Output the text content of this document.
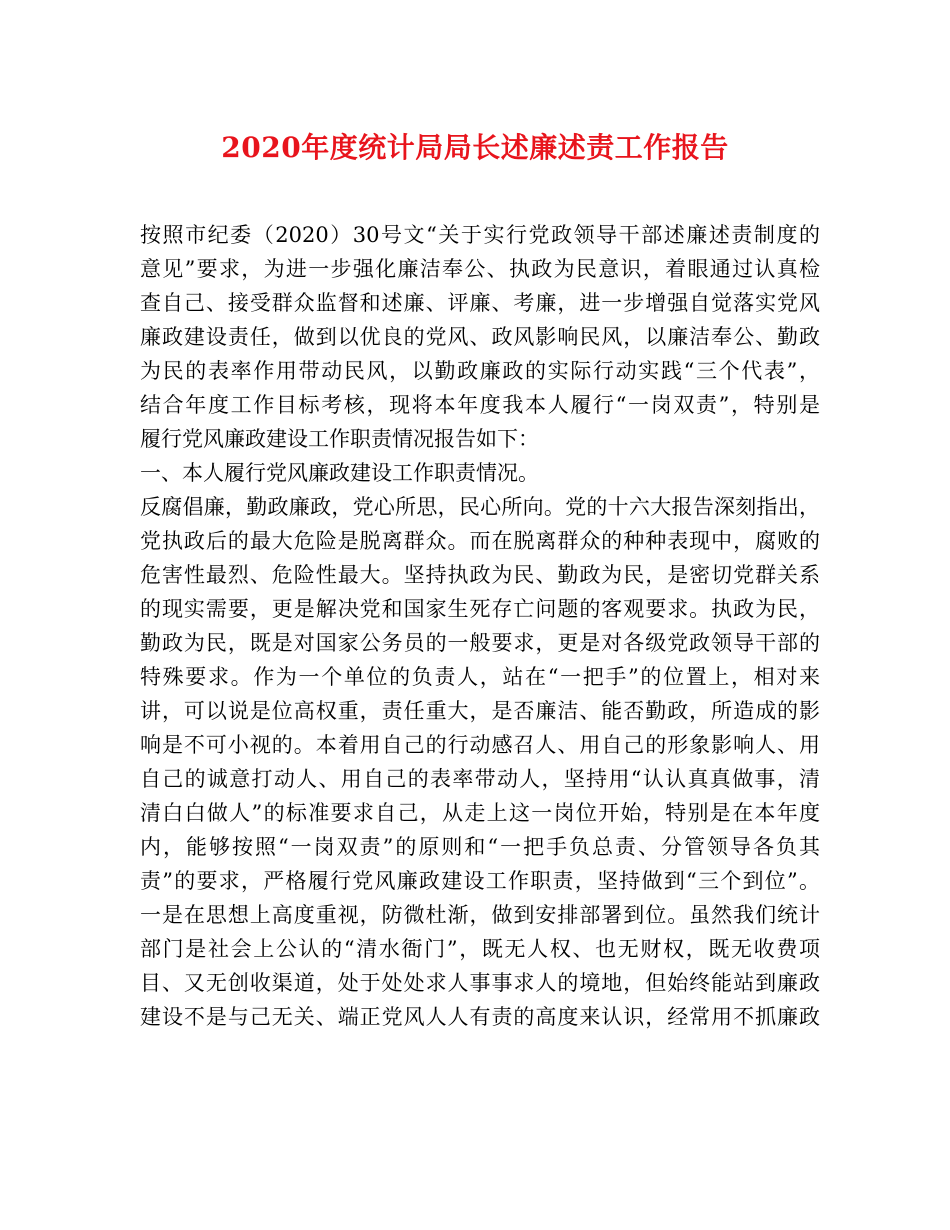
2020年度统计局局长述廉述责工作报告
按照市纪委（2020）30号文“关于实行党政领导干部述廉述责制度的
意见”要求，为进一步强化廉洁奉公、执政为民意识，着眼通过认真检
查自己、接受群众监督和述廉、评廉、考廉，进一步增强自觉落实党风
廉政建设责任，做到以优良的党风、政风影响民风，以廉洁奉公、勤政
为民的表率作用带动民风，以勤政廉政的实际行动实践“三个代表”，
结合年度工作目标考核，现将本年度我本人履行“一岗双责”，特别是
履行党风廉政建设工作职责情况报告如下：
一、本人履行党风廉政建设工作职责情况。
反腐倡廉，勤政廉政，党心所思，民心所向。党的十六大报告深刻指出，
党执政后的最大危险是脱离群众。而在脱离群众的种种表现中，腐败的
危害性最烈、危险性最大。坚持执政为民、勤政为民，是密切党群关系
的现实需要，更是解决党和国家生死存亡问题的客观要求。执政为民，
勤政为民，既是对国家公务员的一般要求，更是对各级党政领导干部的
特殊要求。作为一个单位的负责人，站在“一把手”的位置上，相对来
讲，可以说是位高权重，责任重大，是否廉洁、能否勤政，所造成的影
响是不可小视的。本着用自己的行动感召人、用自己的形象影响人、用
自己的诚意打动人、用自己的表率带动人，坚持用“认认真真做事，清
清白白做人”的标准要求自己，从走上这一岗位开始，特别是在本年度
内，能够按照“一岗双责”的原则和“一把手负总责、分管领导各负其
责”的要求，严格履行党风廉政建设工作职责，坚持做到“三个到位”。
一是在思想上高度重视，防微杜渐，做到安排部署到位。虽然我们统计
部门是社会上公认的“清水衙门”，既无人权、也无财权，既无收费项
目、又无创收渠道，处于处处求人事事求人的境地，但始终能站到廉政
建设不是与己无关、端正党风人人有责的高度来认识，经常用不抓廉政
